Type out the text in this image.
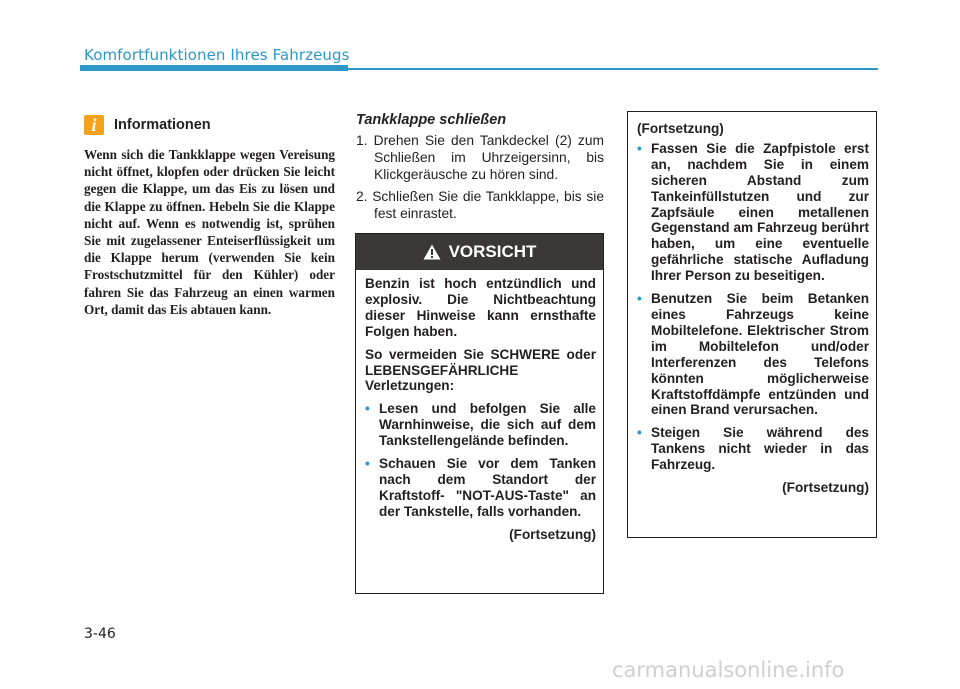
Komfortfunktionen Ihres Fahrzeugs
i	Informationen

Wenn sich die Tankklappe wegen Vereisung nicht öffnet, klopfen oder drücken Sie leicht gegen die Klappe, um das Eis zu lösen und die Klappe zu öffnen. Hebeln Sie die Klappe nicht auf. Wenn es notwendig ist, sprühen Sie mit zugelassener Enteiserflüssigkeit um die Klappe herum (verwenden Sie kein Frostschutzmittel für den Kühler) oder fahren Sie das Fahrzeug an einen warmen Ort, damit das Eis abtauen kann.

Tankklappe schließen
1. Drehen Sie den Tankdeckel (2) zum Schließen im Uhrzeigersinn, bis Klickgeräusche zu hören sind.
2. Schließen Sie die Tankklappe, bis sie fest einrastet.
VORSICHT

Benzin ist hoch entzündlich und explosiv. Die Nichtbeachtung dieser Hinweise kann ernsthafte Folgen haben.

So vermeiden Sie SCHWERE oder LEBENSGEFÄHRLICHE Verletzungen:

• Lesen und befolgen Sie alle Warnhinweise, die sich auf dem Tankstellengelände befinden.
• Schauen Sie vor dem Tanken nach dem Standort der Kraftstoff- "NOT-AUS-Taste" an der Tankstelle, falls vorhanden.

(Fortsetzung)

(Fortsetzung)

• Fassen Sie die Zapfpistole erst an, nachdem Sie in einem sicheren Abstand zum Tankeinfüllstutzen und zur Zapfsäule einen metallenen Gegenstand am Fahrzeug berührt haben, um eine eventuelle gefährliche statische Aufladung Ihrer Person zu beseitigen.
• Benutzen Sie beim Betanken eines Fahrzeugs keine Mobiltelefone. Elektrischer Strom im Mobiltelefon und/oder Interferenzen des Telefons könnten möglicherweise Kraftstoffdämpfe entzünden und einen Brand verursachen.
• Steigen Sie während des Tankens nicht wieder in das Fahrzeug.

(Fortsetzung)

3-46
carmanualsonline.info
